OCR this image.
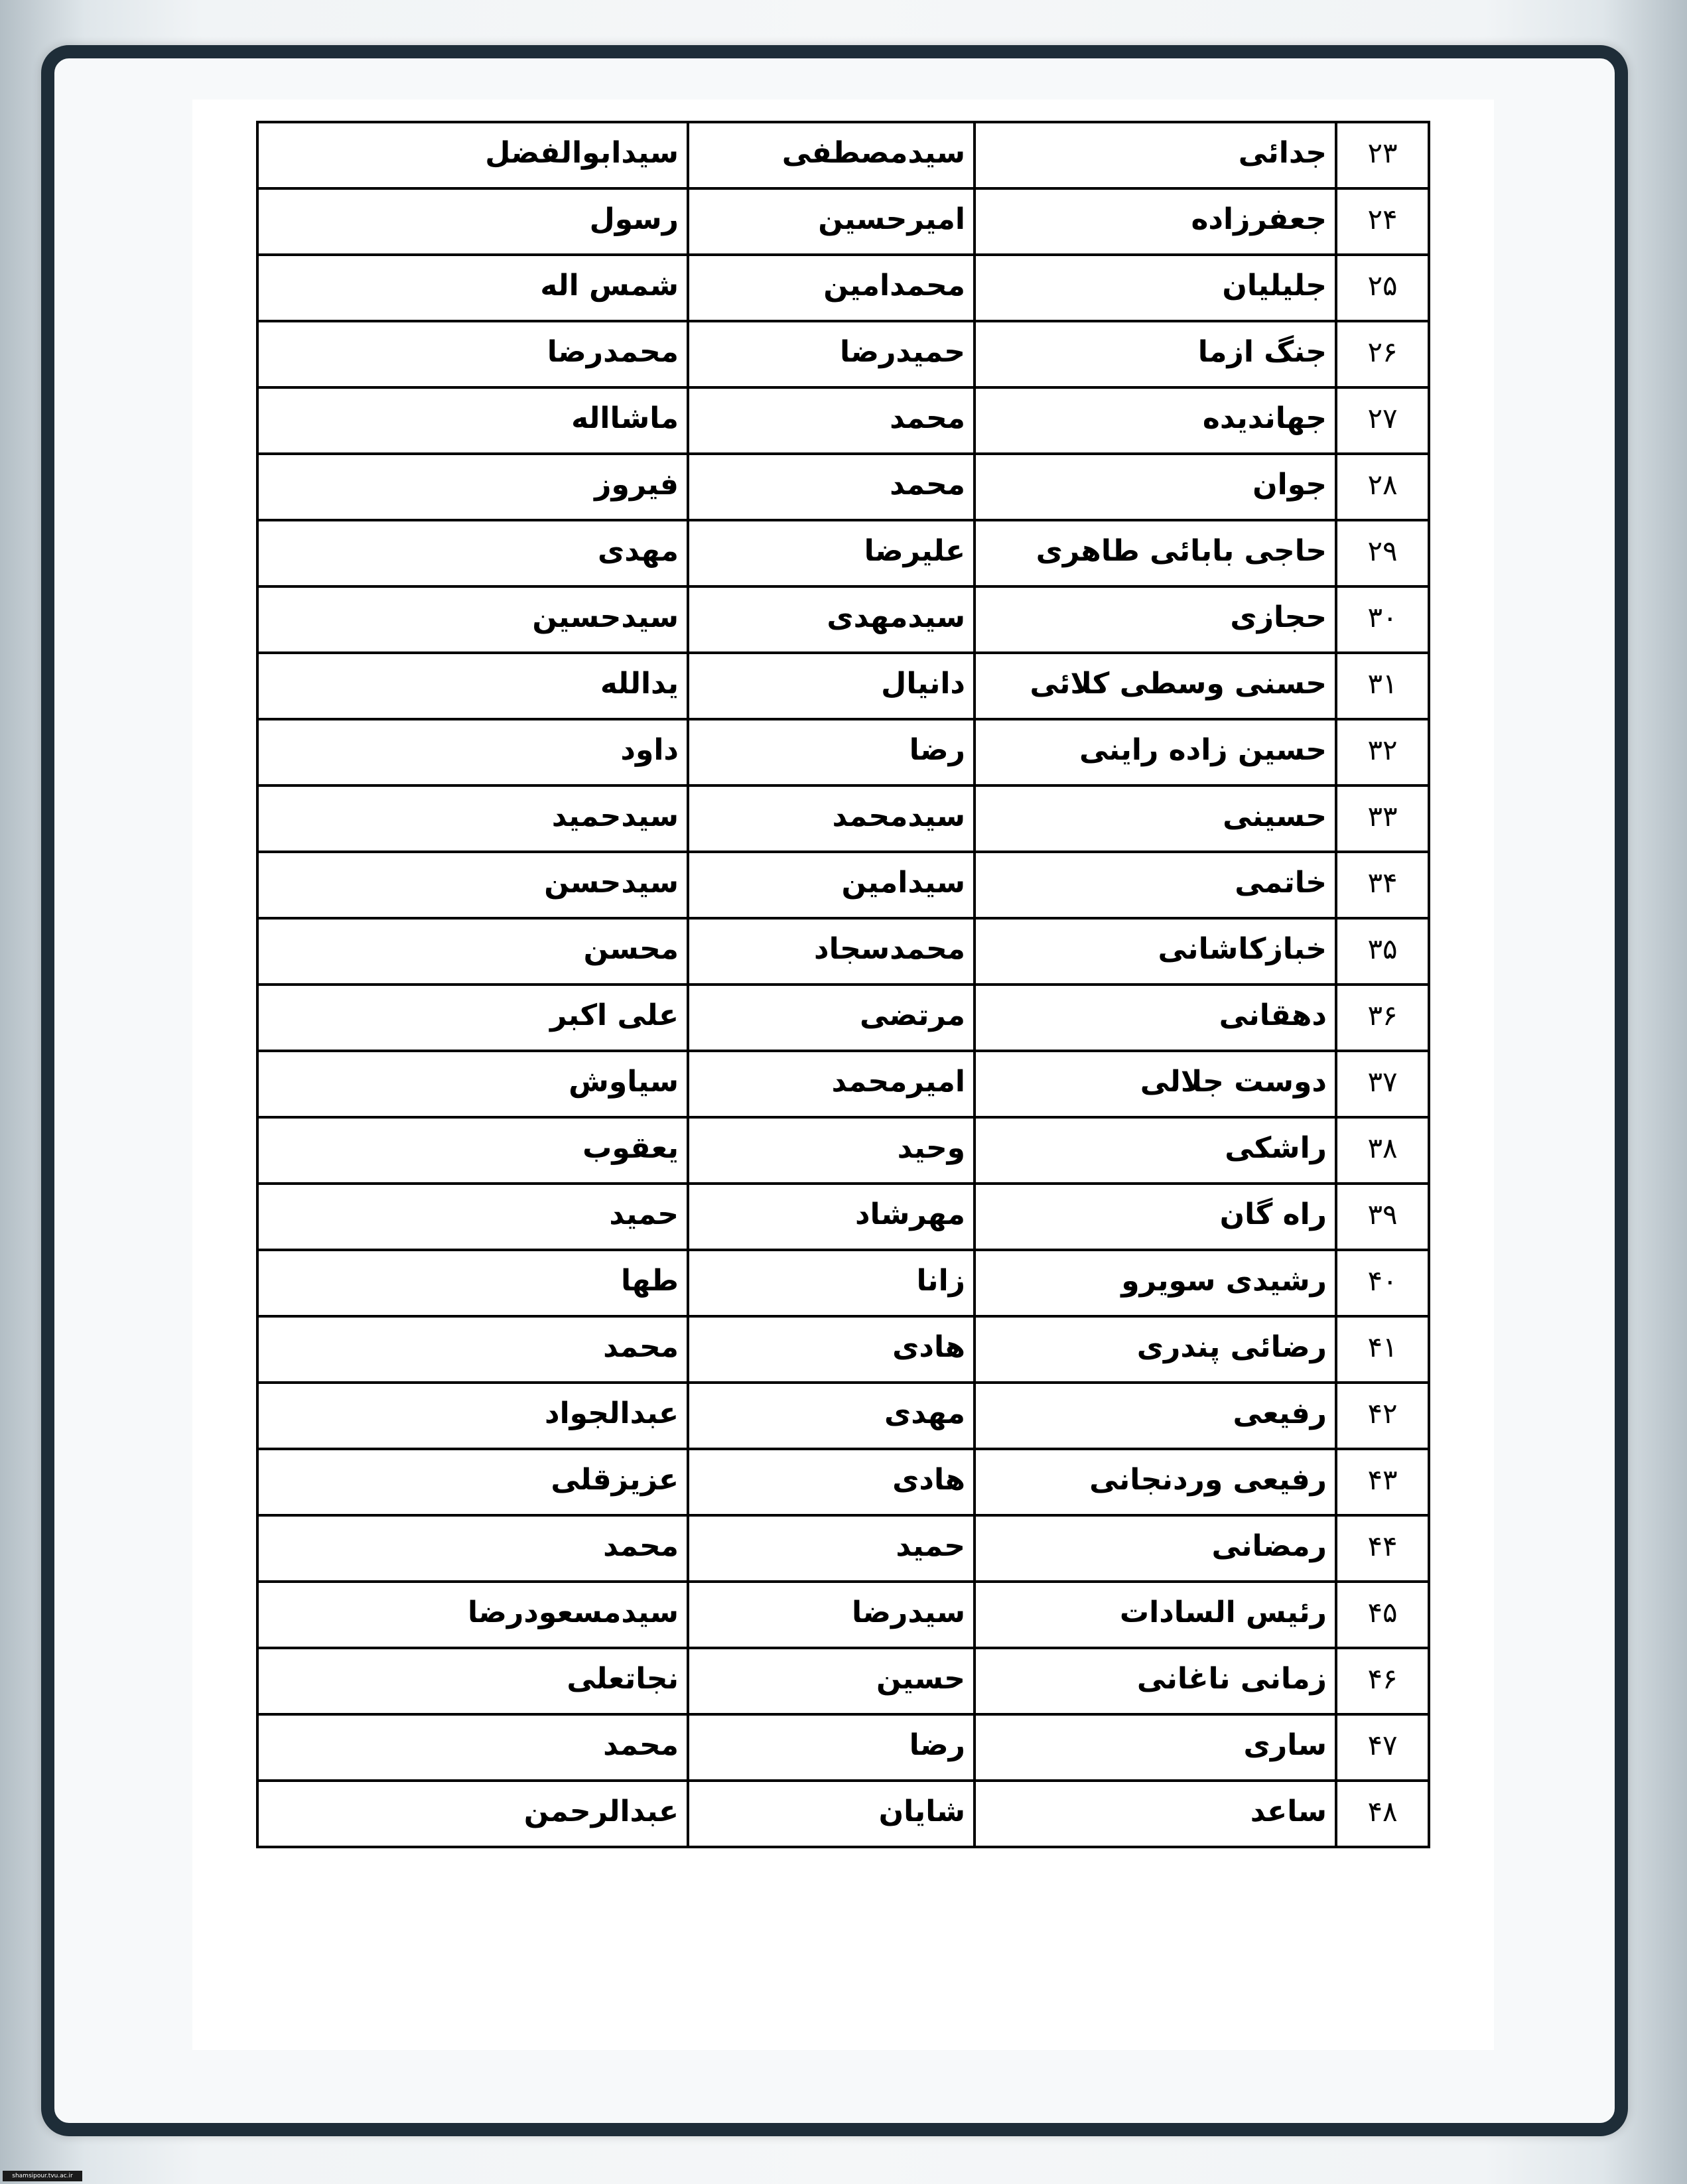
۲۳	جدائی	سیدمصطفی	سیدابوالفضل
۲۴	جعفرزاده	امیرحسین	رسول
۲۵	جلیلیان	محمدامین	شمس اله
۲۶	جنگ ازما	حمیدرضا	محمدرضا
۲۷	جهاندیده	محمد	ماشااله
۲۸	جوان	محمد	فیروز
۲۹	حاجی بابائی طاهری	علیرضا	مهدی
۳۰	حجازی	سیدمهدی	سیدحسین
۳۱	حسنی وسطی کلائی	دانیال	یدالله
۳۲	حسین زاده راینی	رضا	داود
۳۳	حسینی	سیدمحمد	سیدحمید
۳۴	خاتمی	سیدامین	سیدحسن
۳۵	خبازکاشانی	محمدسجاد	محسن
۳۶	دهقانی	مرتضی	علی اکبر
۳۷	دوست جلالی	امیرمحمد	سیاوش
۳۸	راشکی	وحید	یعقوب
۳۹	راه گان	مهرشاد	حمید
۴۰	رشیدی سویرو	زانا	طها
۴۱	رضائی پندری	هادی	محمد
۴۲	رفیعی	مهدی	عبدالجواد
۴۳	رفیعی وردنجانی	هادی	عزیزقلی
۴۴	رمضانی	حمید	محمد
۴۵	رئیس السادات	سیدرضا	سیدمسعودرضا
۴۶	زمانی ناغانی	حسین	نجاتعلی
۴۷	ساری	رضا	محمد
۴۸	ساعد	شایان	عبدالرحمن
shamsipour.tvu.ac.ir
